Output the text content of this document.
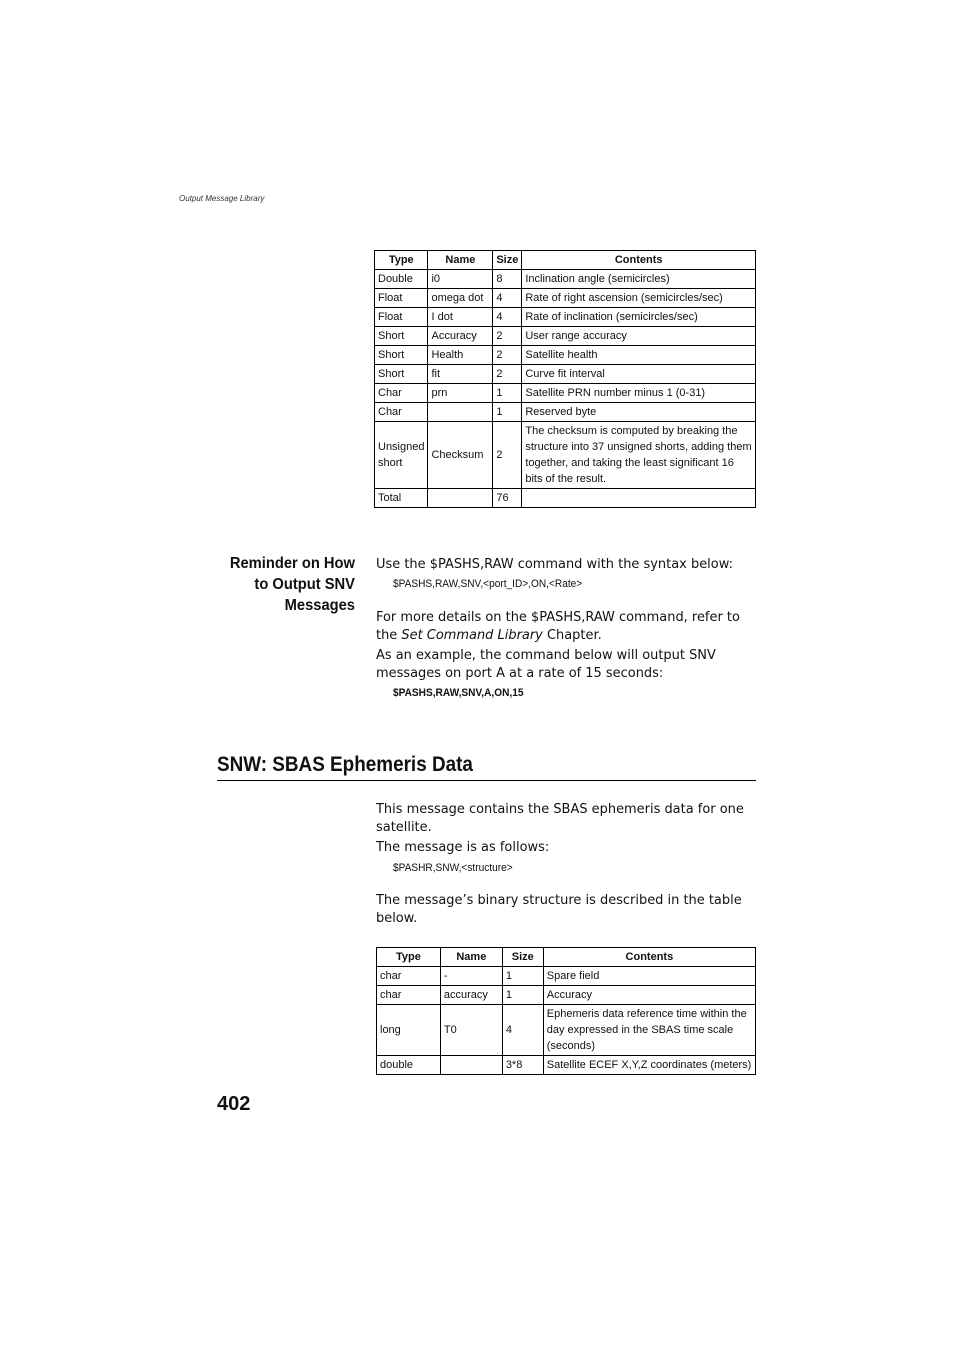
Output Message Library
Type	Name	Size	Contents
Double	i0	8	Inclination angle (semicircles)
Float	omega dot	4	Rate of right ascension (semicircles/sec)
Float	I dot	4	Rate of inclination (semicircles/sec)
Short	Accuracy	2	User range accuracy
Short	Health	2	Satellite health
Short	fit	2	Curve fit interval
Char	prn	1	Satellite PRN number minus 1 (0-31)
Char		1	Reserved byte
Unsigned short	Checksum	2	The checksum is computed by breaking the structure into 37 unsigned shorts, adding them together, and taking the least significant 16 bits of the result.
Total		76	
Reminder on How to Output SNV Messages
Use the $PASHS,RAW command with the syntax below:
$PASHS,RAW,SNV,<port_ID>,ON,<Rate>
For more details on the $PASHS,RAW command, refer to the Set Command Library Chapter.
As an example, the command below will output SNV messages on port A at a rate of 15 seconds:
$PASHS,RAW,SNV,A,ON,15
SNW: SBAS Ephemeris Data
This message contains the SBAS ephemeris data for one satellite.
The message is as follows:
$PASHR,SNW,<structure>
The message’s binary structure is described in the table below.
Type	Name	Size	Contents
char	-	1	Spare field
char	accuracy	1	Accuracy
long	T0	4	Ephemeris data reference time within the day expressed in the SBAS time scale (seconds)
double		3*8	Satellite ECEF X,Y,Z coordinates (meters)
402
